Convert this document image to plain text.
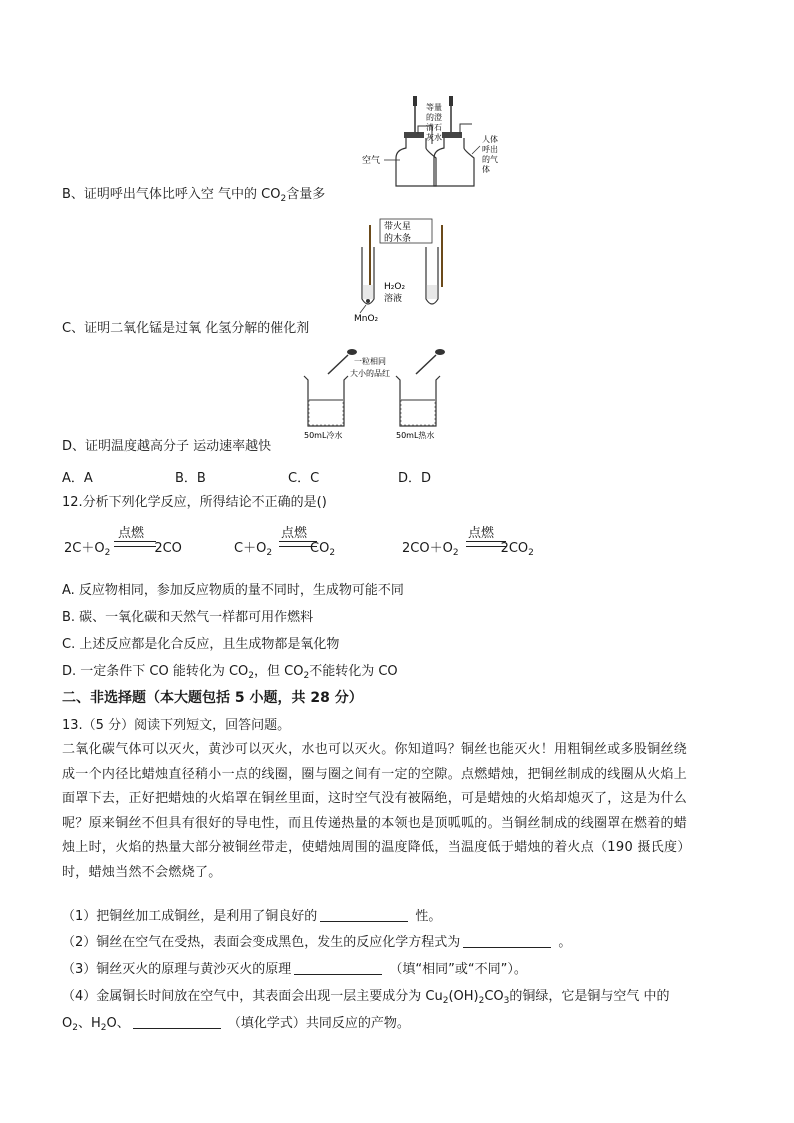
等量
的澄
清石
灰水
空气
人体
呼出
的气
体
B、证明呼出气体比呼入空 气中的 $CO_2$含量多
带火星
的木条
H₂O₂
溶液
MnO₂
C、证明二氧化锰是过氧 化氢分解的催化剂
一粒相同
大小的品红
50mL冷水	50mL热水
D、证明温度越高分子 运动速率越快
A．A	B．B	C．C	D．D
12.分析下列化学反应，所得结论不正确的是()
点燃
$2C+O_2$	2CO
点燃
$C+O_2$	$CO_2$
点燃
$2CO+O_2$	$2CO_2$
A. 反应物相同，参加反应物质的量不同时，生成物可能不同
B. 碳、一氧化碳和天然气一样都可用作燃料
C. 上述反应都是化合反应，且生成物都是氧化物
D. 一定条件下 CO 能转化为 $CO_2$，但 $CO_2$不能转化为 CO
二、非选择题（本大题包括 5 小题，共 28 分）
13.（5 分）阅读下列短文，回答问题。
二氧化碳气体可以灭火，黄沙可以灭火，水也可以灭火。你知道吗？铜丝也能灭火！用粗铜丝或多股铜丝绕
成一个内径比蜡烛直径稍小一点的线圈，圈与圈之间有一定的空隙。点燃蜡烛，把铜丝制成的线圈从火焰上
面罩下去，正好把蜡烛的火焰罩在铜丝里面，这时空气没有被隔绝，可是蜡烛的火焰却熄灭了，这是为什么
呢？原来铜丝不但具有很好的导电性，而且传递热量的本领也是顶呱呱的。当铜丝制成的线圈罩在燃着的蜡
烛上时，火焰的热量大部分被铜丝带走，使蜡烛周围的温度降低，当温度低于蜡烛的着火点（190 摄氏度）
时，蜡烛当然不会燃烧了。
（1）把铜丝加工成铜丝，是利用了铜良好的	性。
（2）铜丝在空气在受热，表面会变成黑色，发生的反应化学方程式为	。
（3）铜丝灭火的原理与黄沙灭火的原理	（填“相同”或“不同”）。
（4）金属铜长时间放在空气中，其表面会出现一层主要成分为 $Cu_2(OH)_2CO_3$的铜绿，它是铜与空气 中的
$O_2$、$H_2O$、	（填化学式）共同反应的产物。
